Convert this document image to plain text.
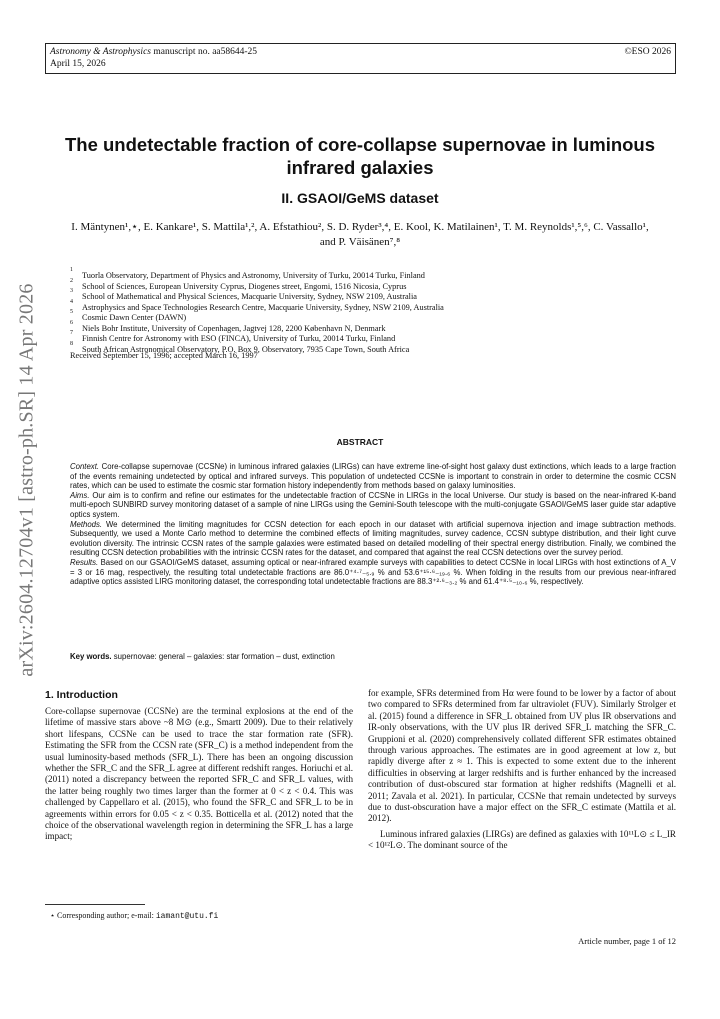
Astronomy & Astrophysics manuscript no. aa58644-25
April 15, 2026
©ESO 2026
arXiv:2604.12704v1 [astro-ph.SR] 14 Apr 2026
The undetectable fraction of core-collapse supernovae in luminous infrared galaxies
II. GSAOI/GeMS dataset
I. Mäntynen¹,⋆, E. Kankare¹, S. Mattila¹,², A. Efstathiou², S. D. Ryder³,⁴, E. Kool, K. Matilainen¹, T. M. Reynolds¹,⁵,⁶, C. Vassallo¹, and P. Väisänen⁷,⁸
1
Tuorla Observatory, Department of Physics and Astronomy, University of Turku, 20014 Turku, Finland
2
School of Sciences, European University Cyprus, Diogenes street, Engomi, 1516 Nicosia, Cyprus
3
School of Mathematical and Physical Sciences, Macquarie University, Sydney, NSW 2109, Australia
4
Astrophysics and Space Technologies Research Centre, Macquarie University, Sydney, NSW 2109, Australia
5
Cosmic Dawn Center (DAWN)
6
Niels Bohr Institute, University of Copenhagen, Jagtvej 128, 2200 København N, Denmark
7
Finnish Centre for Astronomy with ESO (FINCA), University of Turku, 20014 Turku, Finland
8
South African Astronomical Observatory, P.O. Box 9, Observatory, 7935 Cape Town, South Africa
Received September 15, 1996; accepted March 16, 1997
ABSTRACT

Context. Core-collapse supernovae (CCSNe) in luminous infrared galaxies (LIRGs) can have extreme line-of-sight host galaxy dust extinctions, which leads to a large fraction of the events remaining undetected by optical and infrared surveys. This population of undetected CCSNe is important to constrain in order to determine the cosmic CCSN rates, which can be used to estimate the cosmic star formation history independently from methods based on galaxy luminosities.

Aims. Our aim is to confirm and refine our estimates for the undetectable fraction of CCSNe in LIRGs in the local Universe. Our study is based on the near-infrared K-band multi-epoch SUNBIRD survey monitoring dataset of a sample of nine LIRGs using the Gemini-South telescope with the multi-conjugate GSAOI/GeMS laser guide star adaptive optics system.

Methods. We determined the limiting magnitudes for CCSN detection for each epoch in our dataset with artificial supernova injection and image subtraction methods. Subsequently, we used a Monte Carlo method to determine the combined effects of limiting magnitudes, survey cadence, CCSN subtype distribution, and their light curve evolution diversity. The intrinsic CCSN rates of the sample galaxies were estimated based on detailed modelling of their spectral energy distribution. Finally, we combined the resulting CCSN detection probabilities with the intrinsic CCSN rates for the dataset, and compared that against the real CCSN detections over the survey period.

Results. Based on our GSAOI/GeMS dataset, assuming optical or near-infrared example surveys with capabilities to detect CCSNe in local LIRGs with host extinctions of A_V = 3 or 16 mag, respectively, the resulting total undetectable fractions are 86.0⁺⁴·⁷₋₅.₉ % and 53.6⁺¹⁵·⁶₋₁₉.₆ %. When folding in the results from our previous near-infrared adaptive optics assisted LIRG monitoring dataset, the corresponding total undetectable fractions are 88.3⁺²·⁶₋₃.₂ % and 61.4⁺⁸·⁵₋₁₀.₆ %, respectively.

Key words. supernovae: general – galaxies: star formation – dust, extinction
1. Introduction

Core-collapse supernovae (CCSNe) are the terminal explosions at the end of the lifetime of massive stars above ~8 M⊙ (e.g., Smartt 2009). Due to their relatively short lifespans, CCSNe can be used to trace the star formation rate (SFR). Estimating the SFR from the CCSN rate (SFR_C) is a method independent from the usual luminosity-based methods (SFR_L). There has been an ongoing discussion whether the SFR_C and the SFR_L agree at different redshift ranges. Horiuchi et al. (2011) noted a discrepancy between the reported SFR_C and SFR_L values, with the latter being roughly two times larger than the former at 0 < z < 0.4. This was challenged by Cappellaro et al. (2015), who found the SFR_C and SFR_L to be in agreements within errors for 0.05 < z < 0.35. Botticella et al. (2012) noted that the choice of the observational wavelength region in determining the SFR_L has a large impact;

for example, SFRs determined from Hα were found to be lower by a factor of about two compared to SFRs determined from far ultraviolet (FUV). Similarly Strolger et al. (2015) found a difference in SFR_L obtained from UV plus IR observations and IR-only observations, with the UV plus IR derived SFR_L matching the SFR_C. Gruppioni et al. (2020) comprehensively collated different SFR estimates obtained through various approaches. The estimates are in good agreement at low z, but rapidly diverge after z ≈ 1. This is expected to some extent due to the inherent difficulties in observing at larger redshifts and is further enhanced by the increased contribution of dust-obscured star formation at higher redshifts (Magnelli et al. 2011; Zavala et al. 2021). In particular, CCSNe that remain undetected by surveys due to dust-obscuration have a major effect on the SFR_C estimate (Mattila et al. 2012).

Luminous infrared galaxies (LIRGs) are defined as galaxies with 10¹¹L⊙ ≤ L_IR < 10¹²L⊙. The dominant source of the

⋆ Corresponding author; e-mail: iamant@utu.fi
Article number, page 1 of 12
